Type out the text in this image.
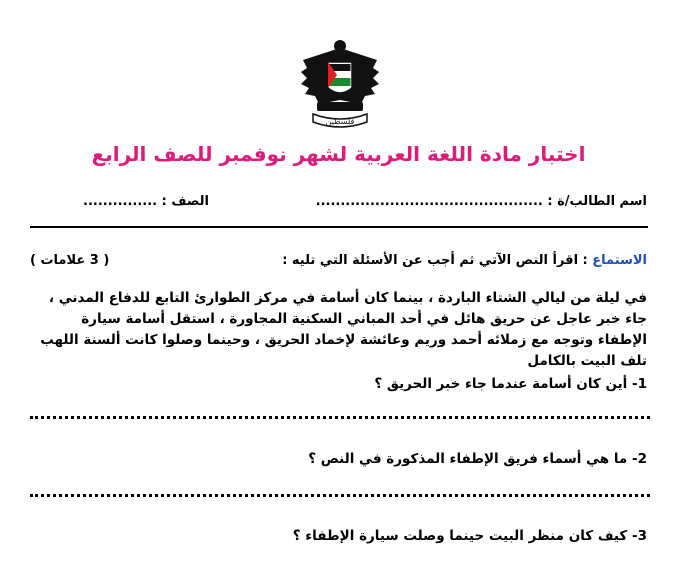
فلسطين
اختبار مادة اللغة العربية لشهر نوفمبر للصف الرابع
اسم الطالب/ة : ..............................................
الصف : ...............
الاستماع : اقرأ النص الآتي ثم أجب عن الأسئلة التي تليه :
( 3 علامات )
في ليلة من ليالي الشتاء الباردة ، بينما كان أسامة في مركز الطوارئ التابع للدفاع المدني ، جاء خبر عاجل عن حريق هائل في أحد المباني السكنية المجاورة ، استقل أسامة سيارة الإطفاء وتوجه مع زملائه أحمد وريم وعائشة لإخماد الحريق ، وحينما وصلوا كانت ألسنة اللهب تلف البيت بالكامل
1- أين كان أسامة عندما جاء خبر الحريق ؟
2- ما هي أسماء فريق الإطفاء المذكورة في النص ؟
3- كيف كان منظر البيت حينما وصلت سيارة الإطفاء ؟
